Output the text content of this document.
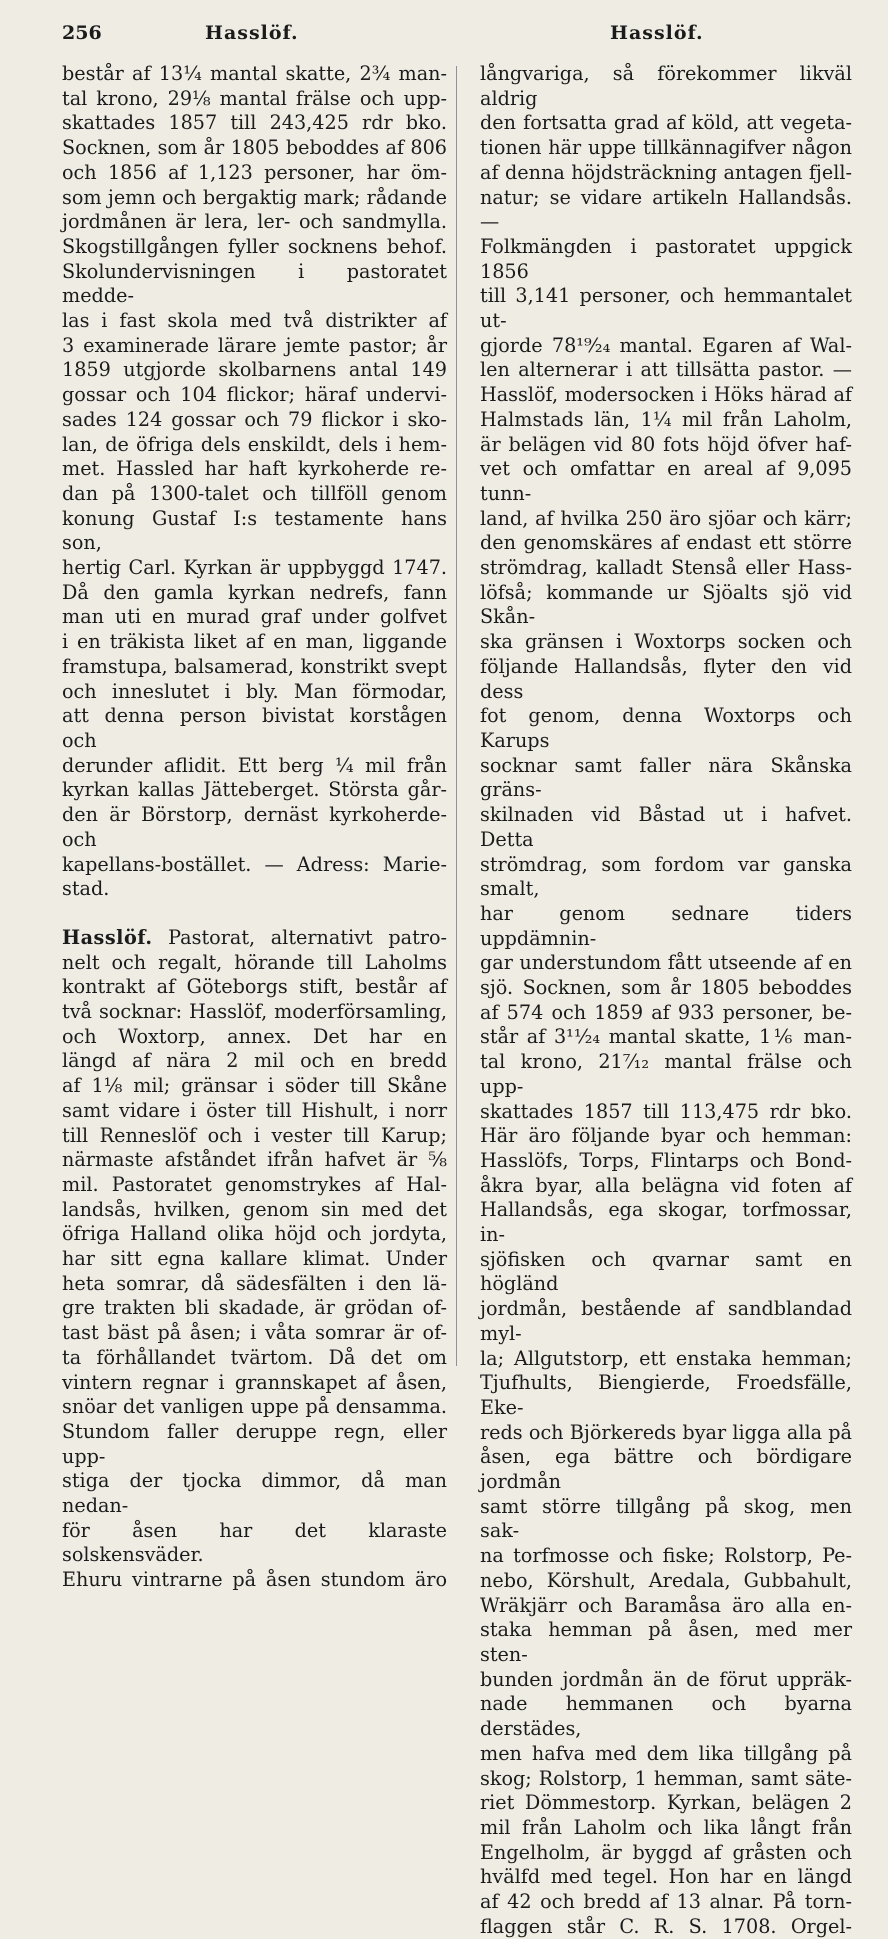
256	Hasslöf.	Hasslöf.
består af 13¼ mantal skatte, 2¾ man-
tal krono, 29⅛ mantal frälse och upp-
skattades 1857 till 243,425 rdr bko.
Socknen, som år 1805 beboddes af 806
och 1856 af 1,123 personer, har öm-
som jemn och bergaktig mark; rådande
jordmånen är lera, ler- och sandmylla.
Skogstillgången fyller socknens behof.
Skolundervisningen i pastoratet medde-
las i fast skola med två distrikter af
3 examinerade lärare jemte pastor; år
1859 utgjorde skolbarnens antal 149
gossar och 104 flickor; häraf undervi-
sades 124 gossar och 79 flickor i sko-
lan, de öfriga dels enskildt, dels i hem-
met. Hassled har haft kyrkoherde re-
dan på 1300-talet och tillföll genom
konung Gustaf I:s testamente hans son,
hertig Carl. Kyrkan är uppbyggd 1747.
Då den gamla kyrkan nedrefs, fann
man uti en murad graf under golfvet
i en träkista liket af en man, liggande
framstupa, balsamerad, konstrikt svept
och inneslutet i bly. Man förmodar,
att denna person bivistat korstågen och
derunder aflidit. Ett berg ¼ mil från
kyrkan kallas Jätteberget. Största går-
den är Börstorp, dernäst kyrkoherde- och
kapellans-bostället. — Adress: Marie-
stad.
Hasslöf. Pastorat, alternativt patro-
nelt och regalt, hörande till Laholms
kontrakt af Göteborgs stift, består af
två socknar: Hasslöf, moderförsamling,
och Woxtorp, annex. Det har en
längd af nära 2 mil och en bredd
af 1⅛ mil; gränsar i söder till Skåne
samt vidare i öster till Hishult, i norr
till Renneslöf och i vester till Karup;
närmaste afståndet ifrån hafvet är ⅝
mil. Pastoratet genomstrykes af Hal-
landsås, hvilken, genom sin med det
öfriga Halland olika höjd och jordyta,
har sitt egna kallare klimat. Under
heta somrar, då sädesfälten i den lä-
gre trakten bli skadade, är grödan of-
tast bäst på åsen; i våta somrar är of-
ta förhållandet tvärtom. Då det om
vintern regnar i grannskapet af åsen,
snöar det vanligen uppe på densamma.
Stundom faller deruppe regn, eller upp-
stiga der tjocka dimmor, då man nedan-
för åsen har det klaraste solskensväder.
Ehuru vintrarne på åsen stundom äro
långvariga, så förekommer likväl aldrig
den fortsatta grad af köld, att vegeta-
tionen här uppe tillkännagifver någon
af denna höjdsträckning antagen fjell-
natur; se vidare artikeln Hallandsås.—
Folkmängden i pastoratet uppgick 1856
till 3,141 personer, och hemmantalet ut-
gjorde 78¹⁹⁄₂₄ mantal. Egaren af Wal-
len alternerar i att tillsätta pastor. —
Hasslöf, modersocken i Höks härad af
Halmstads län, 1¼ mil från Laholm,
är belägen vid 80 fots höjd öfver haf-
vet och omfattar en areal af 9,095 tunn-
land, af hvilka 250 äro sjöar och kärr;
den genomskäres af endast ett större
strömdrag, kalladt Stenså eller Hass-
löfså; kommande ur Sjöalts sjö vid Skån-
ska gränsen i Woxtorps socken och
följande Hallandsås, flyter den vid dess
fot genom, denna Woxtorps och Karups
socknar samt faller nära Skånska gräns-
skilnaden vid Båstad ut i hafvet. Detta
strömdrag, som fordom var ganska smalt,
har genom sednare tiders uppdämnin-
gar understundom fått utseende af en
sjö. Socknen, som år 1805 beboddes
af 574 och 1859 af 933 personer, be-
står af 3¹¹⁄₂₄ mantal skatte, 1⅙ man-
tal krono, 21⁷⁄₁₂ mantal frälse och upp-
skattades 1857 till 113,475 rdr bko.
Här äro följande byar och hemman:
Hasslöfs, Torps, Flintarps och Bond-
åkra byar, alla belägna vid foten af
Hallandsås, ega skogar, torfmossar, in-
sjöfisken och qvarnar samt en högländ
jordmån, bestående af sandblandad myl-
la; Allgutstorp, ett enstaka hemman;
Tjufhults, Biengierde, Froedsfälle, Eke-
reds och Björkereds byar ligga alla på
åsen, ega bättre och bördigare jordmån
samt större tillgång på skog, men sak-
na torfmosse och fiske; Rolstorp, Pe-
nebo, Körshult, Aredala, Gubbahult,
Wräkjärr och Baramåsa äro alla en-
staka hemman på åsen, med mer sten-
bunden jordmån än de förut uppräk-
nade hemmanen och byarna derstädes,
men hafva med dem lika tillgång på
skog; Rolstorp, 1 hemman, samt säte-
riet Dömmestorp. Kyrkan, belägen 2
mil från Laholm och lika långt från
Engelholm, är byggd af gråsten och
hvälfd med tegel. Hon har en längd
af 42 och bredd af 13 alnar. På torn-
flaggen står C. R. S. 1708. Orgel-
